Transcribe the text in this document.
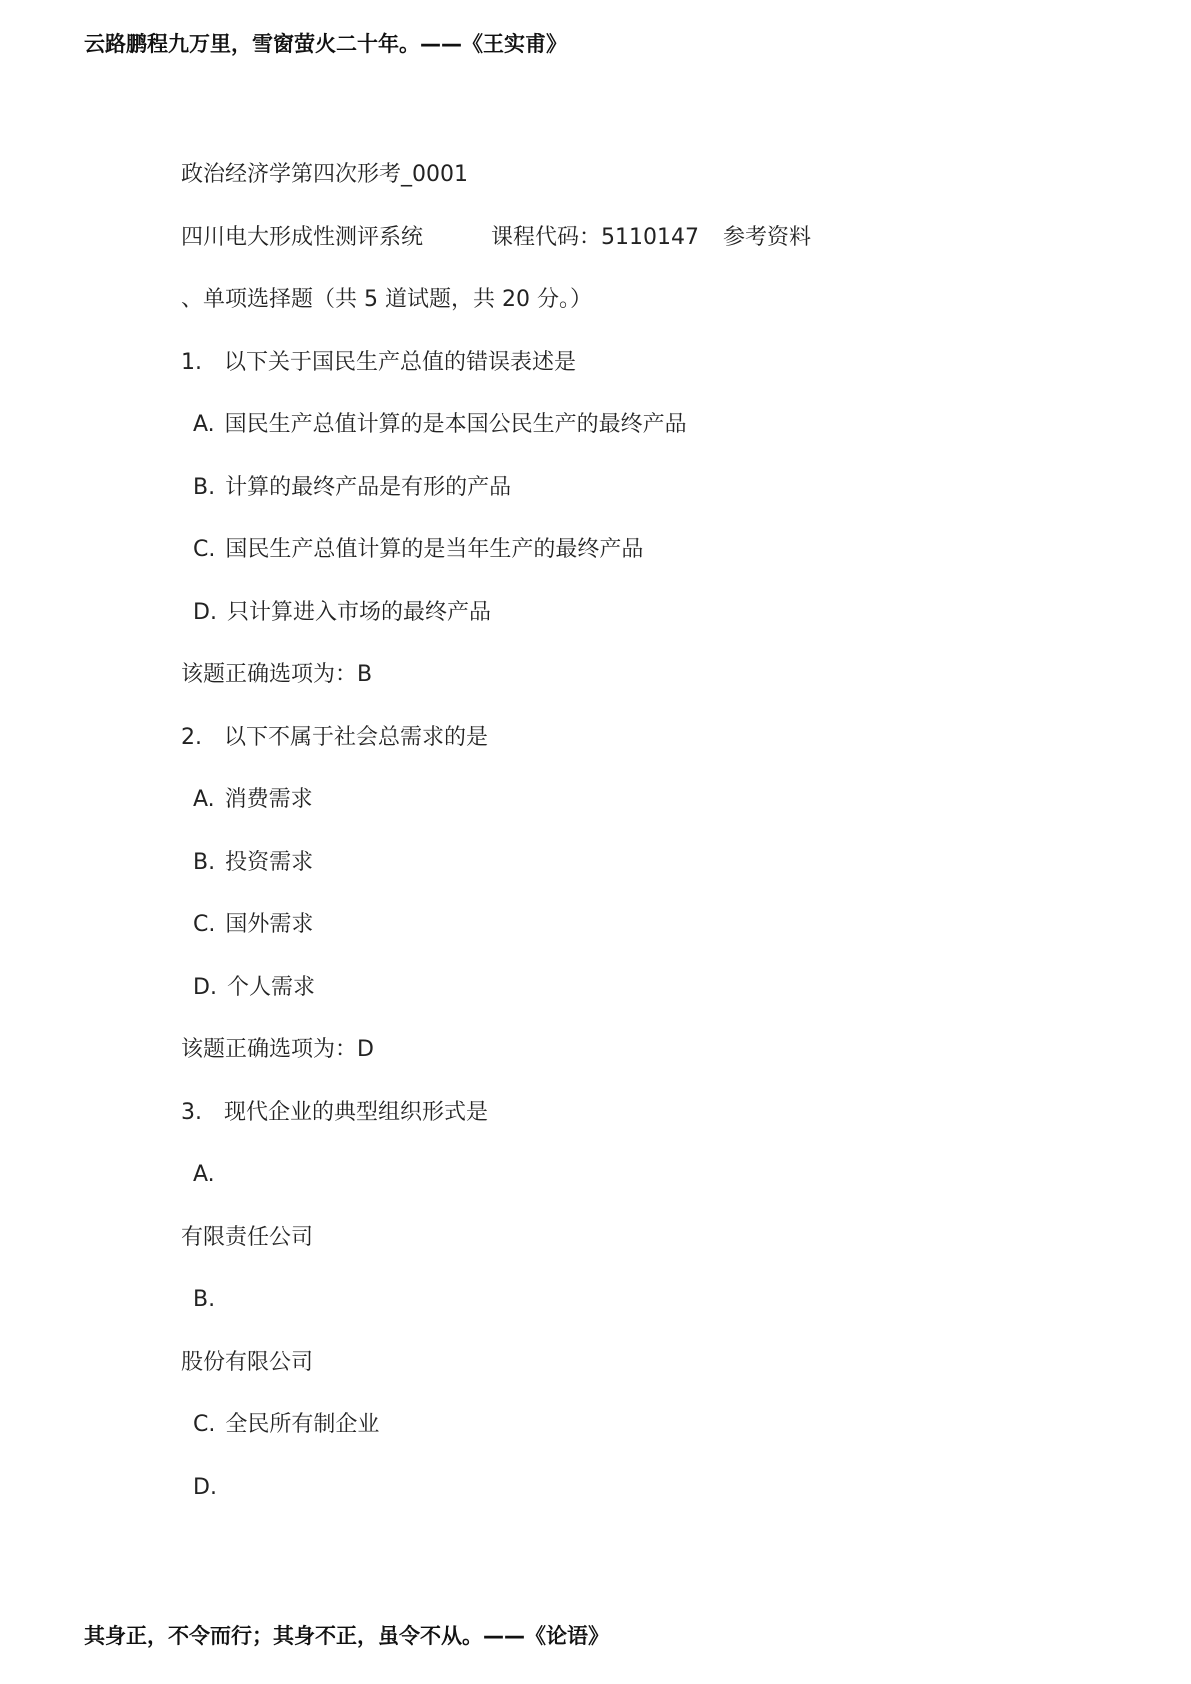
云路鹏程九万里，雪窗萤火二十年。——《王实甫》
政治经济学第四次形考_0001
四川电大形成性测评系统	课程代码：5110147 参考资料
、单项选择题（共 5 道试题，共 20 分。）
1. 以下关于国民生产总值的错误表述是
A. 国民生产总值计算的是本国公民生产的最终产品
B. 计算的最终产品是有形的产品
C. 国民生产总值计算的是当年生产的最终产品
D. 只计算进入市场的最终产品
该题正确选项为：B
2. 以下不属于社会总需求的是
A. 消费需求
B. 投资需求
C. 国外需求
D. 个人需求
该题正确选项为：D
3. 现代企业的典型组织形式是
A.
有限责任公司
B.
股份有限公司
C. 全民所有制企业
D.
其身正，不令而行；其身不正，虽令不从。——《论语》
